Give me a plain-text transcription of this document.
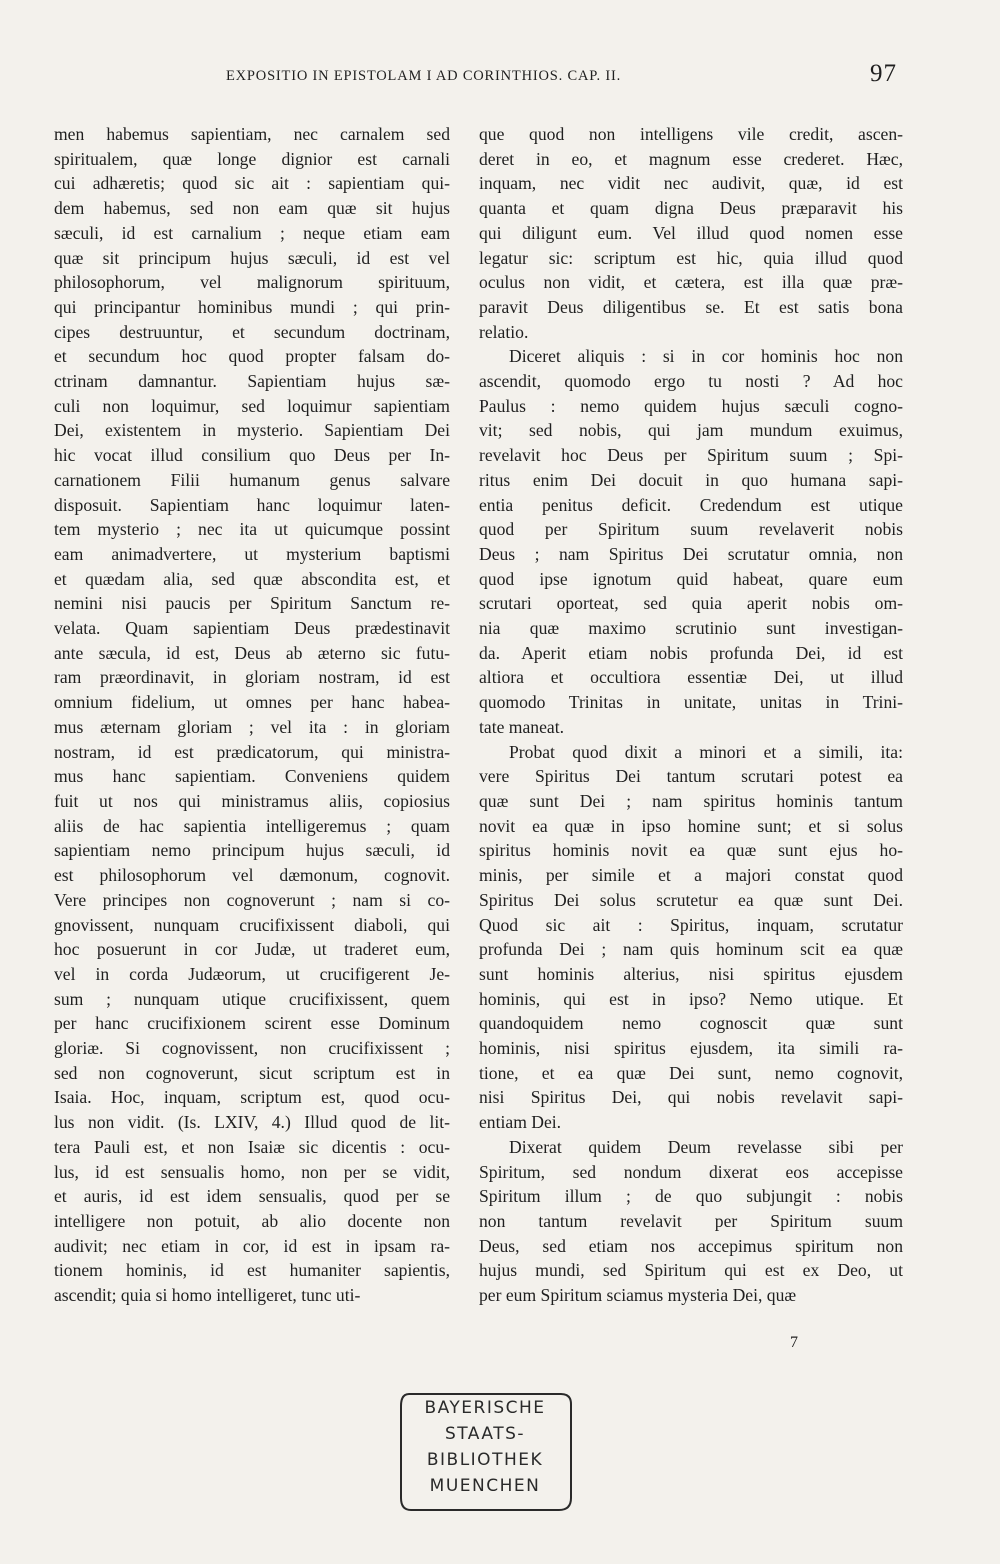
EXPOSITIO IN EPISTOLAM I AD CORINTHIOS. CAP. II.	97
men habemus sapientiam, nec carnalem sed
spiritualem, quæ longe dignior est carnali
cui adhæretis; quod sic ait : sapientiam qui-
dem habemus, sed non eam quæ sit hujus
sæculi, id est carnalium ; neque etiam eam
quæ sit principum hujus sæculi, id est vel
philosophorum, vel malignorum spirituum,
qui principantur hominibus mundi ; qui prin-
cipes destruuntur, et secundum doctrinam,
et secundum hoc quod propter falsam do-
ctrinam damnantur. Sapientiam hujus sæ-
culi non loquimur, sed loquimur sapientiam
Dei, existentem in mysterio. Sapientiam Dei
hic vocat illud consilium quo Deus per In-
carnationem Filii humanum genus salvare
disposuit. Sapientiam hanc loquimur laten-
tem mysterio ; nec ita ut quicumque possint
eam animadvertere, ut mysterium baptismi
et quædam alia, sed quæ abscondita est, et
nemini nisi paucis per Spiritum Sanctum re-
velata. Quam sapientiam Deus prædestinavit
ante sæcula, id est, Deus ab æterno sic futu-
ram præordinavit, in gloriam nostram, id est
omnium fidelium, ut omnes per hanc habea-
mus æternam gloriam ; vel ita : in gloriam
nostram, id est prædicatorum, qui ministra-
mus hanc sapientiam. Conveniens quidem
fuit ut nos qui ministramus aliis, copiosius
aliis de hac sapientia intelligeremus ; quam
sapientiam nemo principum hujus sæculi, id
est philosophorum vel dæmonum, cognovit.
Vere principes non cognoverunt ; nam si co-
gnovissent, nunquam crucifixissent diaboli, qui
hoc posuerunt in cor Judæ, ut traderet eum,
vel in corda Judæorum, ut crucifigerent Je-
sum ; nunquam utique crucifixissent, quem
per hanc crucifixionem scirent esse Dominum
gloriæ. Si cognovissent, non crucifixissent ;
sed non cognoverunt, sicut scriptum est in
Isaia. Hoc, inquam, scriptum est, quod ocu-
lus non vidit. (Is. LXIV, 4.) Illud quod de lit-
tera Pauli est, et non Isaiæ sic dicentis : ocu-
lus, id est sensualis homo, non per se vidit,
et auris, id est idem sensualis, quod per se
intelligere non potuit, ab alio docente non
audivit; nec etiam in cor, id est in ipsam ra-
tionem hominis, id est humaniter sapientis,
ascendit; quia si homo intelligeret, tunc uti-
que quod non intelligens vile credit, ascen-
deret in eo, et magnum esse crederet. Hæc,
inquam, nec vidit nec audivit, quæ, id est
quanta et quam digna Deus præparavit his
qui diligunt eum. Vel illud quod nomen esse
legatur sic: scriptum est hic, quia illud quod
oculus non vidit, et cætera, est illa quæ præ-
paravit Deus diligentibus se. Et est satis bona
relatio.
Diceret aliquis : si in cor hominis hoc non
ascendit, quomodo ergo tu nosti ? Ad hoc
Paulus : nemo quidem hujus sæculi cogno-
vit; sed nobis, qui jam mundum exuimus,
revelavit hoc Deus per Spiritum suum ; Spi-
ritus enim Dei docuit in quo humana sapi-
entia penitus deficit. Credendum est utique
quod per Spiritum suum revelaverit nobis
Deus ; nam Spiritus Dei scrutatur omnia, non
quod ipse ignotum quid habeat, quare eum
scrutari oporteat, sed quia aperit nobis om-
nia quæ maximo scrutinio sunt investigan-
da. Aperit etiam nobis profunda Dei, id est
altiora et occultiora essentiæ Dei, ut illud
quomodo Trinitas in unitate, unitas in Trini-
tate maneat.
Probat quod dixit a minori et a simili, ita:
vere Spiritus Dei tantum scrutari potest ea
quæ sunt Dei ; nam spiritus hominis tantum
novit ea quæ in ipso homine sunt; et si solus
spiritus hominis novit ea quæ sunt ejus ho-
minis, per simile et a majori constat quod
Spiritus Dei solus scrutetur ea quæ sunt Dei.
Quod sic ait : Spiritus, inquam, scrutatur
profunda Dei ; nam quis hominum scit ea quæ
sunt hominis alterius, nisi spiritus ejusdem
hominis, qui est in ipso? Nemo utique. Et
quandoquidem nemo cognoscit quæ sunt
hominis, nisi spiritus ejusdem, ita simili ra-
tione, et ea quæ Dei sunt, nemo cognovit,
nisi Spiritus Dei, qui nobis revelavit sapi-
entiam Dei.
Dixerat quidem Deum revelasse sibi per
Spiritum, sed nondum dixerat eos accepisse
Spiritum illum ; de quo subjungit : nobis
non tantum revelavit per Spiritum suum
Deus, sed etiam nos accepimus spiritum non
hujus mundi, sed Spiritum qui est ex Deo, ut
per eum Spiritum sciamus mysteria Dei, quæ
7
BAYERISCHE
STAATS-
BIBLIOTHEK
MUENCHEN
